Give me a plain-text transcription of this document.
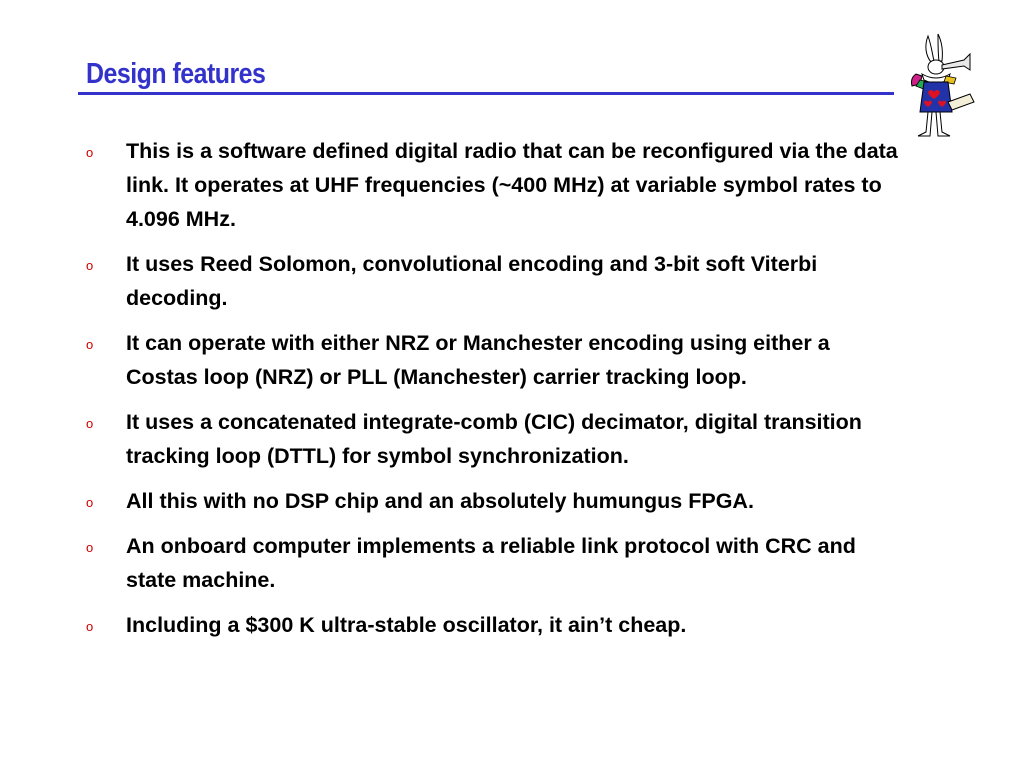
Design features
o This is a software defined digital radio that can be reconfigured via the data link. It operates at UHF frequencies (~400 MHz) at variable symbol rates to 4.096 MHz.
o It uses Reed Solomon, convolutional encoding and 3-bit soft Viterbi decoding.
o It can operate with either NRZ or Manchester encoding using either a Costas loop (NRZ) or PLL (Manchester) carrier tracking loop.
o It uses a concatenated integrate-comb (CIC) decimator, digital transition tracking loop (DTTL) for symbol synchronization.
o All this with no DSP chip and an absolutely humungus FPGA.
o An onboard computer implements a reliable link protocol with CRC and state machine.
o Including a $300 K ultra-stable oscillator, it ain’t cheap.
